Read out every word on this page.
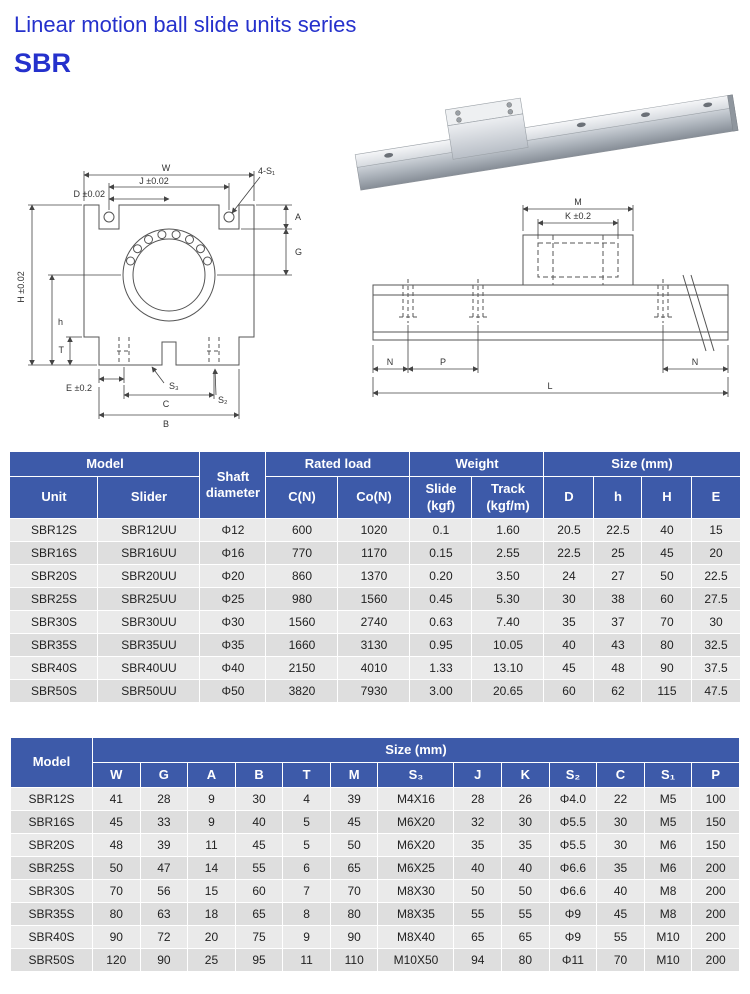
Linear motion ball slide units series
SBR
W
J ±0.02
D ±0.02
4-S₁
A
G
H ±0.02
h
T
E ±0.2	S₃
S₂
C
B
M
K ±0.2
N	P	N
L
Model		Shaft diameter	Rated load		Weight		Size (mm)			
Unit	Slider		C(N)	Co(N)	Slide (kgf)	Track (kgf/m)	D	h	H	E
SBR12S	SBR12UU	Φ12	600	1020	0.1	1.60	20.5	22.5	40	15
SBR16S	SBR16UU	Φ16	770	1170	0.15	2.55	22.5	25	45	20
SBR20S	SBR20UU	Φ20	860	1370	0.20	3.50	24	27	50	22.5
SBR25S	SBR25UU	Φ25	980	1560	0.45	5.30	30	38	60	27.5
SBR30S	SBR30UU	Φ30	1560	2740	0.63	7.40	35	37	70	30
SBR35S	SBR35UU	Φ35	1660	3130	0.95	10.05	40	43	80	32.5
SBR40S	SBR40UU	Φ40	2150	4010	1.33	13.10	45	48	90	37.5
SBR50S	SBR50UU	Φ50	3820	7930	3.00	20.65	60	62	115	47.5
Model	Size (mm)												
	W	G	A	B	T	M	S₃	J	K	S₂	C	S₁	P
SBR12S	41	28	9	30	4	39	M4X16	28	26	Φ4.0	22	M5	100
SBR16S	45	33	9	40	5	45	M6X20	32	30	Φ5.5	30	M5	150
SBR20S	48	39	11	45	5	50	M6X20	35	35	Φ5.5	30	M6	150
SBR25S	50	47	14	55	6	65	M6X25	40	40	Φ6.6	35	M6	200
SBR30S	70	56	15	60	7	70	M8X30	50	50	Φ6.6	40	M8	200
SBR35S	80	63	18	65	8	80	M8X35	55	55	Φ9	45	M8	200
SBR40S	90	72	20	75	9	90	M8X40	65	65	Φ9	55	M10	200
SBR50S	120	90	25	95	11	110	M10X50	94	80	Φ11	70	M10	200
